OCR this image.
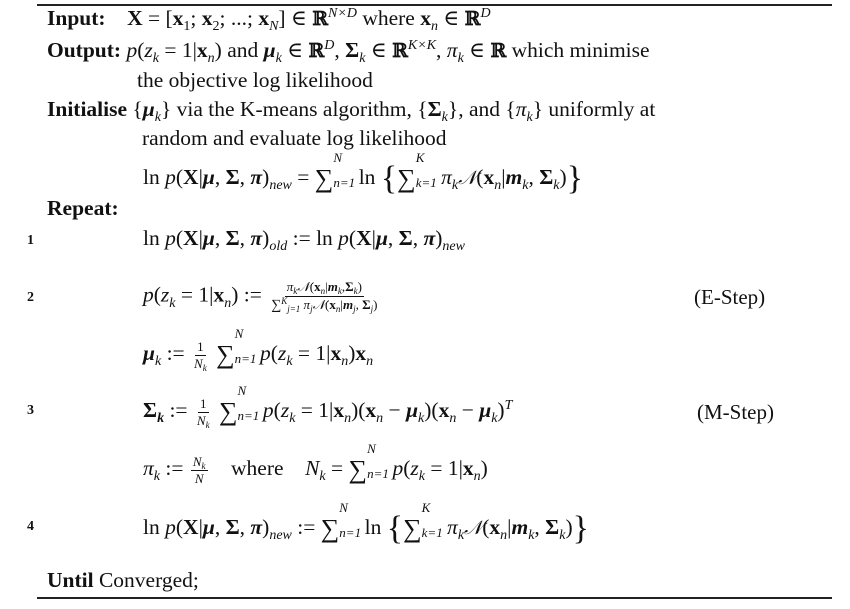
Input: $X = [x_1$; $x_2$; ...; $x_N$] ∈ ℝ$^{N\times D}$ where $x_n$ ∈ ℝ$^D$
Output: $p(z_k = 1|x_n)$ and $\mu_k$ ∈ ℝ$^D$, $\Sigma_k$ ∈ ℝ$^{K\times K}$, $\pi_k$ ∈ ℝ which minimise
the objective log likelihood
Initialise $\{\mu_k\}$ via the K-means algorithm, $\{\Sigma_k\}$, and $\{\pi_k\}$ uniformly at
random and evaluate log likelihood
ln p(X|μ, Σ, $\pi)_{new}$ = ∑
N
n=1
ln {∑
K
k=1 $\pi_k𝒩(x_n|m_k$, $\Sigma_k$)}
Repeat:
1	ln p(X|μ, Σ, $\pi)_{old}$ := ln p(X|μ, Σ, $\pi)_{new}$
2	$p(z_k = 1|x_n)$ := $\frac{\pi_k𝒩(x_n|m_k,\Sigma_k)}{\sum^K_{j=1} \pi_j𝒩(x_n|m_j, \Sigma_j)}$	(E-Step)
$\mu_k$ := $\frac{1}{N_k}$ ∑
N
n=1 $p(z_k = 1|x_n)x_n$
3	$\Sigma_k$ := $\frac{1}{N_k}$ ∑
N
n=1 $p(z_k = 1|x_n)(x_n - \mu_k)(x_n - \mu_k)^T$	(M-Step)
$\pi_k$ := $\frac{N_k}{N}$ where $N_k$ = ∑
N
n=1 $p(z_k = 1|x_n)$
4	ln p(X|μ, Σ, $\pi)_{new}$ := ∑
N
n=1
ln {∑
K
k=1 $\pi_k𝒩(x_n|m_k$, $\Sigma_k$)}
Until Converged;
